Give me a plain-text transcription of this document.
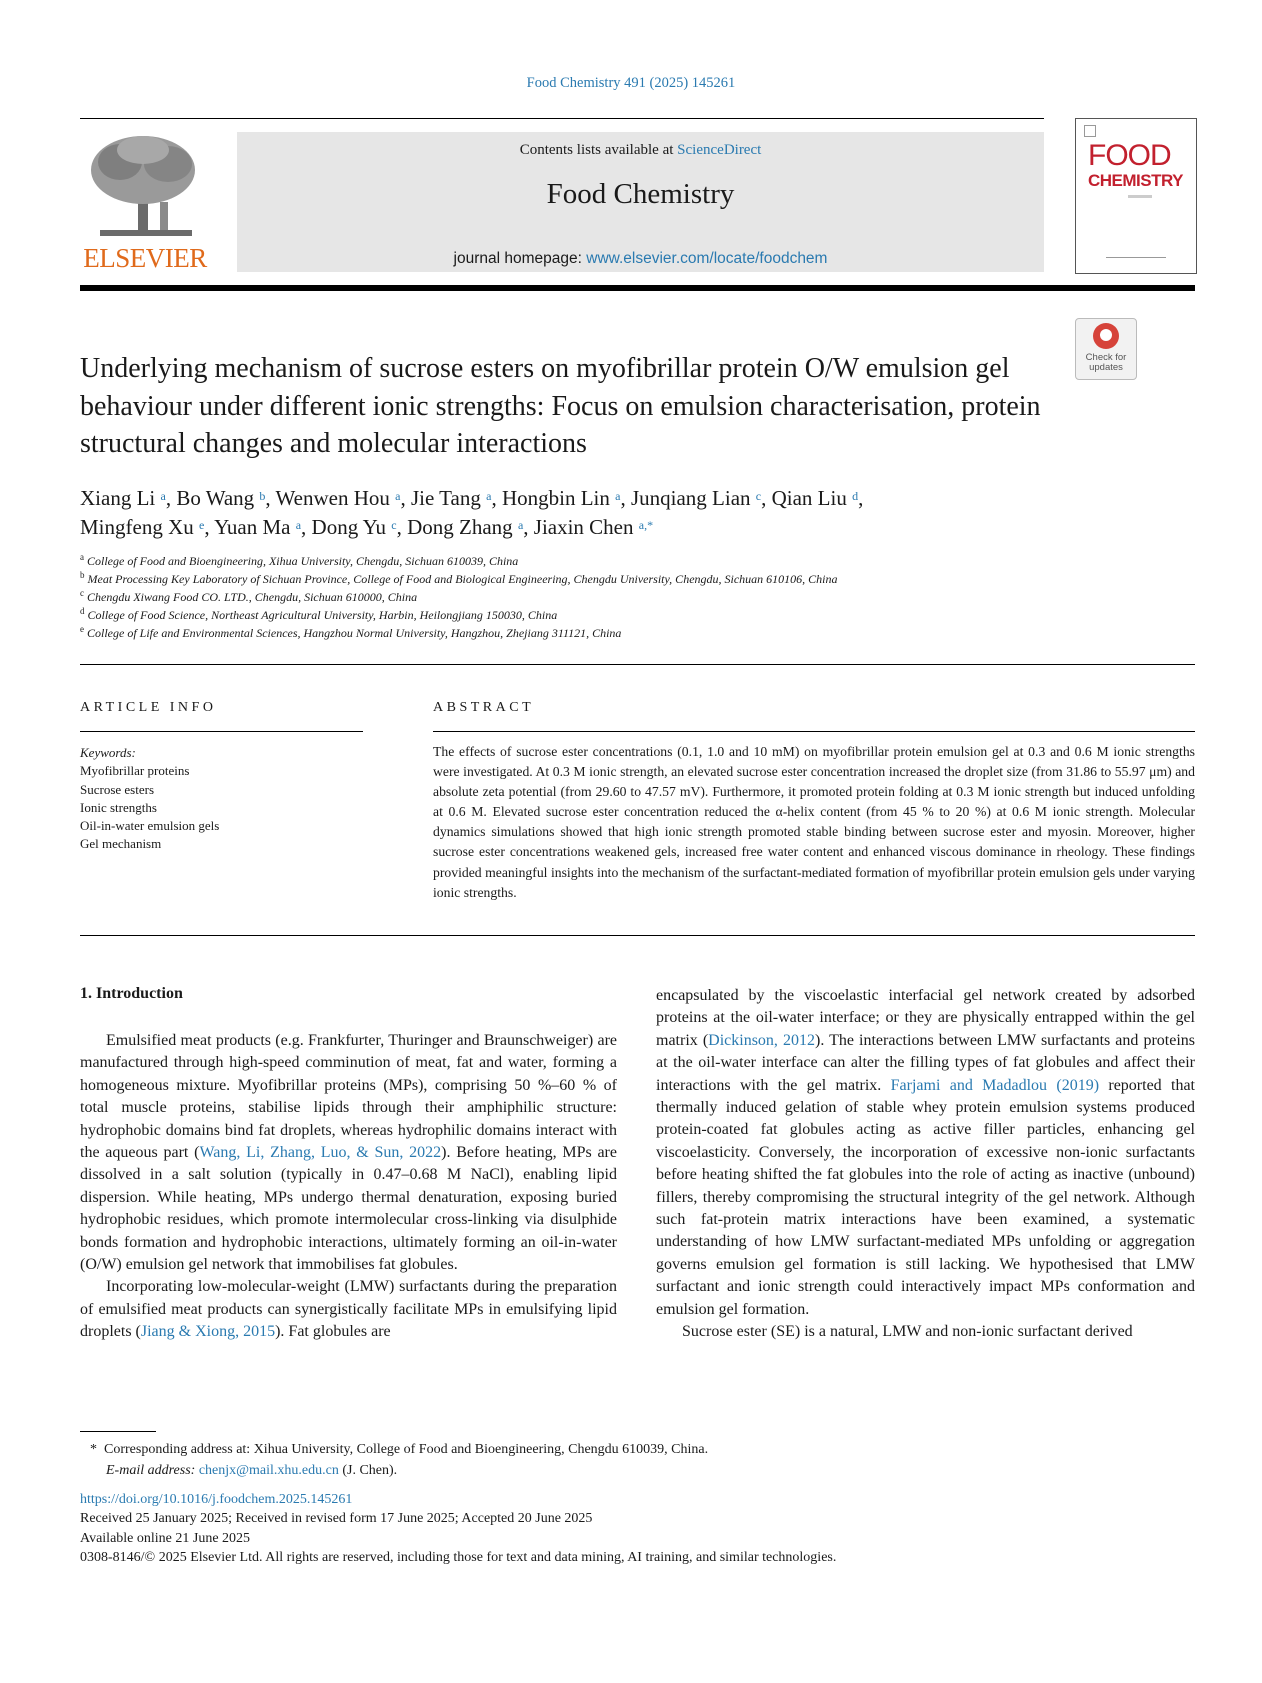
Food Chemistry 491 (2025) 145261
ELSEVIER
Contents lists available at ScienceDirect
Food Chemistry
journal homepage: www.elsevier.com/locate/foodchem
FOOD
CHEMISTRY
Check for updates
Underlying mechanism of sucrose esters on myofibrillar protein O/W emulsion gel behaviour under different ionic strengths: Focus on emulsion characterisation, protein structural changes and molecular interactions
Xiang Li $^a$, Bo Wang $^b$, Wenwen Hou $^a$, Jie Tang $^a$, Hongbin Lin $^a$, Junqiang Lian $^c$, Qian Liu $^d$,
Mingfeng Xu $^e$, Yuan Ma $^a$, Dong Yu $^c$, Dong Zhang $^a$, Jiaxin Chen $^{a,*}$
$^a$ College of Food and Bioengineering, Xihua University, Chengdu, Sichuan 610039, China
$^b$ Meat Processing Key Laboratory of Sichuan Province, College of Food and Biological Engineering, Chengdu University, Chengdu, Sichuan 610106, China
$^c$ Chengdu Xiwang Food CO. LTD., Chengdu, Sichuan 610000, China
$^d$ College of Food Science, Northeast Agricultural University, Harbin, Heilongjiang 150030, China
$^e$ College of Life and Environmental Sciences, Hangzhou Normal University, Hangzhou, Zhejiang 311121, China
ARTICLE INFO
Keywords:
Myofibrillar proteins
Sucrose esters
Ionic strengths
Oil-in-water emulsion gels
Gel mechanism
ABSTRACT
The effects of sucrose ester concentrations (0.1, 1.0 and 10 mM) on myofibrillar protein emulsion gel at 0.3 and 0.6 M ionic strengths were investigated. At 0.3 M ionic strength, an elevated sucrose ester concentration increased the droplet size (from 31.86 to 55.97 μm) and absolute zeta potential (from 29.60 to 47.57 mV). Furthermore, it promoted protein folding at 0.3 M ionic strength but induced unfolding at 0.6 M. Elevated sucrose ester concentration reduced the α-helix content (from 45 % to 20 %) at 0.6 M ionic strength. Molecular dynamics simulations showed that high ionic strength promoted stable binding between sucrose ester and myosin. Moreover, higher sucrose ester concentrations weakened gels, increased free water content and enhanced viscous dominance in rheology. These findings provided meaningful insights into the mechanism of the surfactant-mediated formation of myofibrillar protein emulsion gels under varying ionic strengths.
1. Introduction

Emulsified meat products (e.g. Frankfurter, Thuringer and Braunschweiger) are manufactured through high-speed comminution of meat, fat and water, forming a homogeneous mixture. Myofibrillar proteins (MPs), comprising 50 %–60 % of total muscle proteins, stabilise lipids through their amphiphilic structure: hydrophobic domains bind fat droplets, whereas hydrophilic domains interact with the aqueous part (Wang, Li, Zhang, Luo, & Sun, 2022). Before heating, MPs are dissolved in a salt solution (typically in 0.47–0.68 M NaCl), enabling lipid dispersion. While heating, MPs undergo thermal denaturation, exposing buried hydrophobic residues, which promote intermolecular cross-linking via disulphide bonds formation and hydrophobic interactions, ultimately forming an oil-in-water (O/W) emulsion gel network that immobilises fat globules.

Incorporating low-molecular-weight (LMW) surfactants during the preparation of emulsified meat products can synergistically facilitate MPs in emulsifying lipid droplets (Jiang & Xiong, 2015). Fat globules are

encapsulated by the viscoelastic interfacial gel network created by adsorbed proteins at the oil-water interface; or they are physically entrapped within the gel matrix (Dickinson, 2012). The interactions between LMW surfactants and proteins at the oil-water interface can alter the filling types of fat globules and affect their interactions with the gel matrix. Farjami and Madadlou (2019) reported that thermally induced gelation of stable whey protein emulsion systems produced protein-coated fat globules acting as active filler particles, enhancing gel viscoelasticity. Conversely, the incorporation of excessive non-ionic surfactants before heating shifted the fat globules into the role of acting as inactive (unbound) fillers, thereby compromising the structural integrity of the gel network. Although such fat-protein matrix interactions have been examined, a systematic understanding of how LMW surfactant-mediated MPs unfolding or aggregation governs emulsion gel formation is still lacking. We hypothesised that LMW surfactant and ionic strength could interactively impact MPs conformation and emulsion gel formation.

Sucrose ester (SE) is a natural, LMW and non-ionic surfactant derived

* Corresponding address at: Xihua University, College of Food and Bioengineering, Chengdu 610039, China.
E-mail address: chenjx@mail.xhu.edu.cn (J. Chen).
https://doi.org/10.1016/j.foodchem.2025.145261
Received 25 January 2025; Received in revised form 17 June 2025; Accepted 20 June 2025
Available online 21 June 2025
0308-8146/© 2025 Elsevier Ltd. All rights are reserved, including those for text and data mining, AI training, and similar technologies.
